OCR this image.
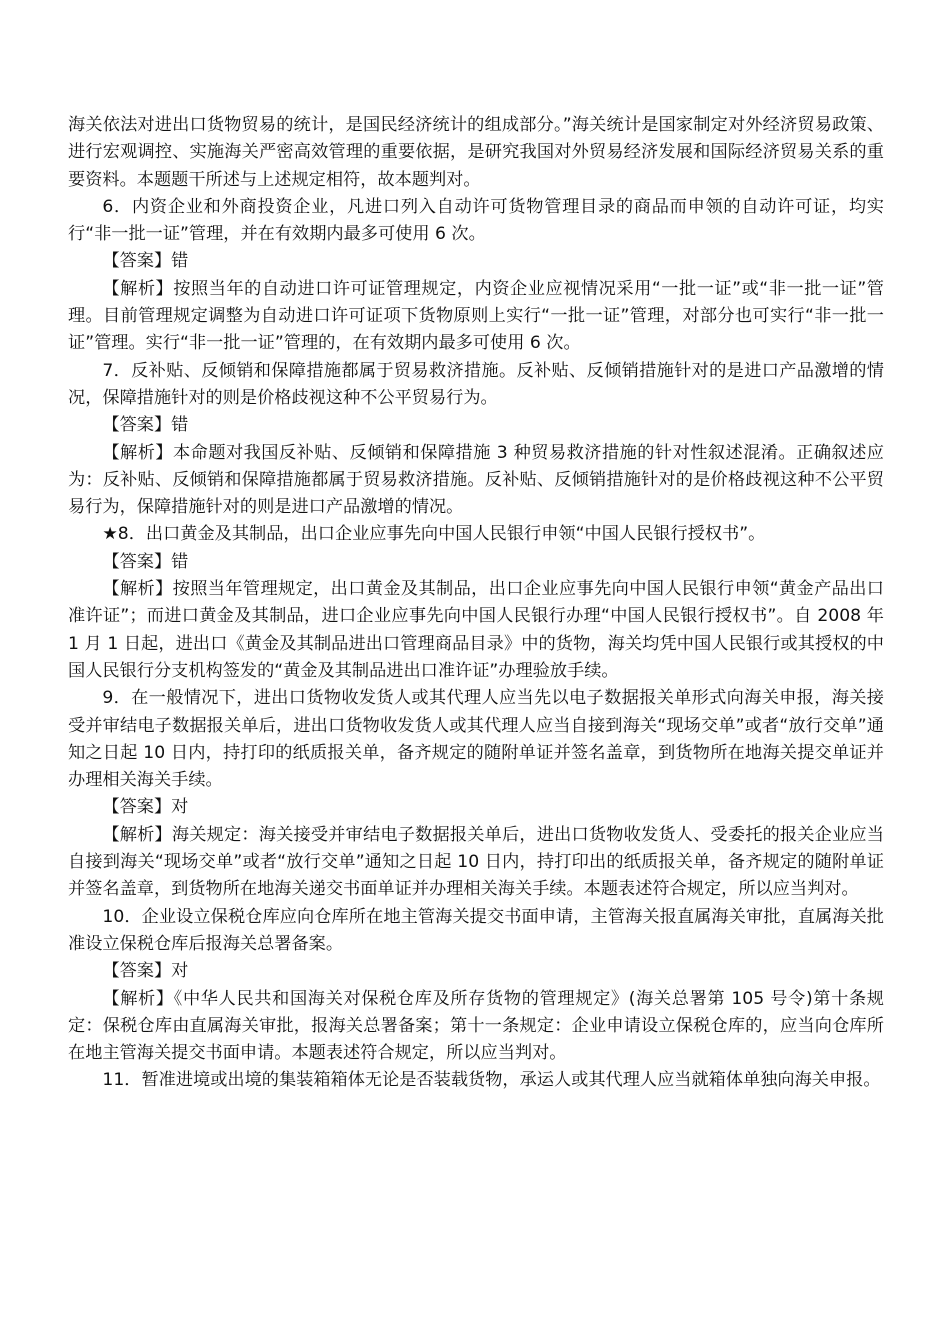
海关依法对进出口货物贸易的统计，是国民经济统计的组成部分。”海关统计是国家制定对外经济贸易政策、进行宏观调控、实施海关严密高效管理的重要依据，是研究我国对外贸易经济发展和国际经济贸易关系的重要资料。本题题干所述与上述规定相符，故本题判对。

6．内资企业和外商投资企业，凡进口列入自动许可货物管理目录的商品而申领的自动许可证，均实行“非一批一证”管理，并在有效期内最多可使用 6 次。

【答案】错

【解析】按照当年的自动进口许可证管理规定，内资企业应视情况采用“一批一证”或“非一批一证”管理。目前管理规定调整为自动进口许可证项下货物原则上实行“一批一证”管理，对部分也可实行“非一批一证”管理。实行“非一批一证”管理的，在有效期内最多可使用 6 次。

7．反补贴、反倾销和保障措施都属于贸易救济措施。反补贴、反倾销措施针对的是进口产品激增的情况，保障措施针对的则是价格歧视这种不公平贸易行为。

【答案】错

【解析】本命题对我国反补贴、反倾销和保障措施 3 种贸易救济措施的针对性叙述混淆。正确叙述应为：反补贴、反倾销和保障措施都属于贸易救济措施。反补贴、反倾销措施针对的是价格歧视这种不公平贸易行为，保障措施针对的则是进口产品激增的情况。

★8．出口黄金及其制品，出口企业应事先向中国人民银行申领“中国人民银行授权书”。

【答案】错

【解析】按照当年管理规定，出口黄金及其制品，出口企业应事先向中国人民银行申领“黄金产品出口准许证”；而进口黄金及其制品，进口企业应事先向中国人民银行办理“中国人民银行授权书”。自 2008 年 1 月 1 日起，进出口《黄金及其制品进出口管理商品目录》中的货物，海关均凭中国人民银行或其授权的中国人民银行分支机构签发的“黄金及其制品进出口准许证”办理验放手续。

9．在一般情况下，进出口货物收发货人或其代理人应当先以电子数据报关单形式向海关申报，海关接受并审结电子数据报关单后，进出口货物收发货人或其代理人应当自接到海关“现场交单”或者“放行交单”通知之日起 10 日内，持打印的纸质报关单，备齐规定的随附单证并签名盖章，到货物所在地海关提交单证并办理相关海关手续。

【答案】对

【解析】海关规定：海关接受并审结电子数据报关单后，进出口货物收发货人、受委托的报关企业应当自接到海关“现场交单”或者“放行交单”通知之日起 10 日内，持打印出的纸质报关单，备齐规定的随附单证并签名盖章，到货物所在地海关递交书面单证并办理相关海关手续。本题表述符合规定，所以应当判对。

10．企业设立保税仓库应向仓库所在地主管海关提交书面申请，主管海关报直属海关审批，直属海关批准设立保税仓库后报海关总署备案。

【答案】对

【解析】《中华人民共和国海关对保税仓库及所存货物的管理规定》(海关总署第 105 号令)第十条规定：保税仓库由直属海关审批，报海关总署备案；第十一条规定：企业申请设立保税仓库的，应当向仓库所在地主管海关提交书面申请。本题表述符合规定，所以应当判对。

11．暂准进境或出境的集装箱箱体无论是否装载货物，承运人或其代理人应当就箱体单独向海关申报。
